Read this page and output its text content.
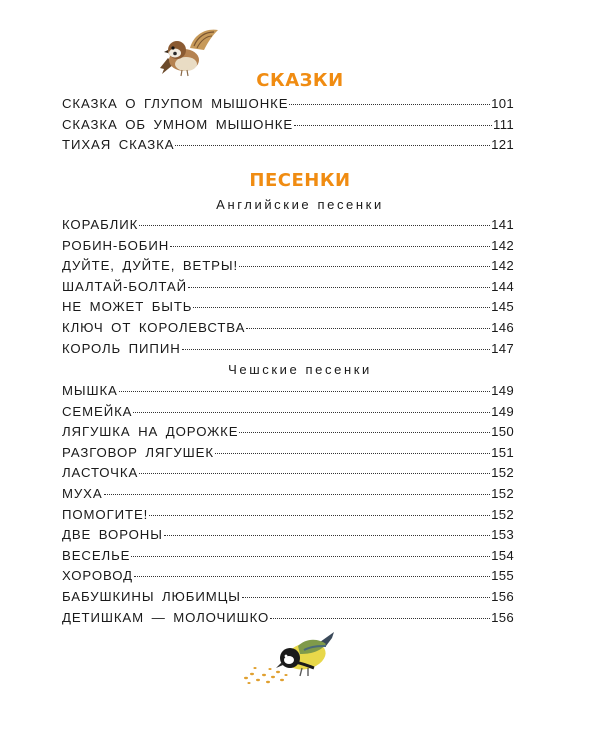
СКАЗКИ
СКАЗКА О ГЛУПОМ МЫШОНКЕ	101
СКАЗКА ОБ УМНОМ МЫШОНКЕ	111
ТИХАЯ СКАЗКА	121
ПЕСЕНКИ
Английские песенки
КОРАБЛИК	141
РОБИН-БОБИН	142
ДУЙТЕ, ДУЙТЕ, ВЕТРЫ!	142
ШАЛТАЙ-БОЛТАЙ	144
НЕ МОЖЕТ БЫТЬ	145
КЛЮЧ ОТ КОРОЛЕВСТВА	146
КОРОЛЬ ПИПИН	147
Чешские песенки
МЫШКА	149
СЕМЕЙКА	149
ЛЯГУШКА НА ДОРОЖКЕ	150
РАЗГОВОР ЛЯГУШЕК	151
ЛАСТОЧКА	152
МУХА	152
ПОМОГИТЕ!	152
ДВЕ ВОРОНЫ	153
ВЕСЕЛЬЕ	154
ХОРОВОД	155
БАБУШКИНЫ ЛЮБИМЦЫ	156
ДЕТИШКАМ — МОЛОЧИШКО	156
